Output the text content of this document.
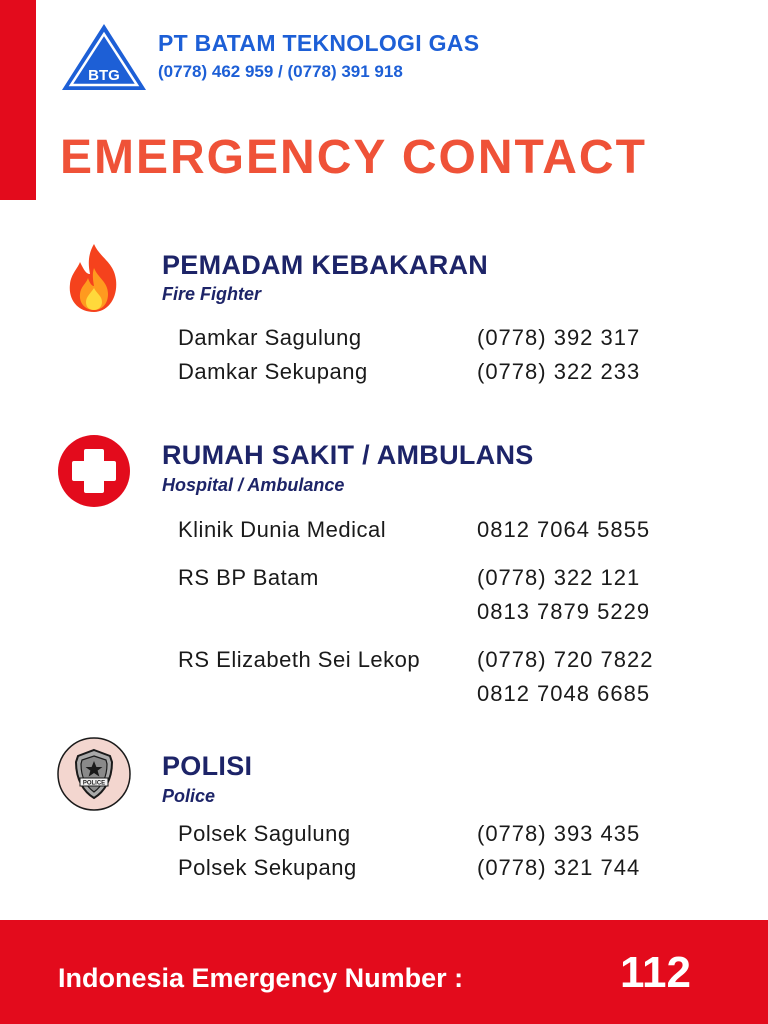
BTG
PT BATAM TEKNOLOGI GAS
(0778) 462 959 / (0778) 391 918
EMERGENCY CONTACT
PEMADAM KEBAKARAN
Fire Fighter
Damkar Sagulung	(0778) 392 317
Damkar Sekupang	(0778) 322 233
RUMAH SAKIT / AMBULANS
Hospital / Ambulance
Klinik Dunia Medical	0812 7064 5855
RS BP Batam	(0778) 322 121
0813 7879 5229
RS Elizabeth Sei Lekop	(0778) 720 7822
0812 7048 6685
POLICE
POLISI
Police
Polsek Sagulung	(0778) 393 435
Polsek Sekupang	(0778) 321 744
Indonesia Emergency Number :	112
